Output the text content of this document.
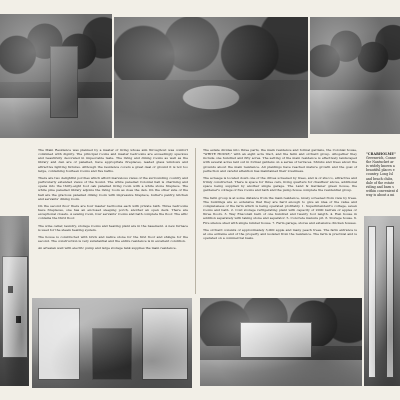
The Main Residence was planned by a master of living whose aim throughout was comfort combined with dignity. The principal rooms and master bedrooms are exceedingly spacious and beautifully decorated in impeccable taste. The living and dining rooms as well as the library and den are of panelled, have appropriate fireplaces, leaded glass windows and attractive lighting fixtures. Although the residence covers a great deal of ground it is not too large, containing fourteen rooms and five baths.

There are two delightful porches which afford marvelous views of the surrounding country and particularly extended views of the Sound. The white panelled Colonial hall is charming and opens into the thirty-eight foot oak panelled living room with a white stone fireplace. The white pine panelled library adjoins the living room as does the den. On the other side of the hall are the gracious panelled dining room with impressive fireplace, butler's pantry, kitchen and servants' dining room.

On the second floor there are four master bedrooms each with private bath. Three bedrooms have fireplaces, one has an enclosed sleeping porch, another an open deck. There are exceptional closets. A sewing room, four servants' rooms and bath complete the floor. The attic contains the third floor.

The wine cellar, laundry, storage rooms and heating plant are in the basement. A new furnace is used for the steam heating system.

The house is constructed with brick and native stone for the first floor and shingle for the second. The construction is very substantial and the entire residence is in excellent condition.

An artesian well with electric pump and large storage tank supplies the main residence.

The estate divides into three parts, the main residence and formal gardens, the Colonial house, "WHITE HOUSE," with an eight acre tract, and the farm and orchard group. Altogether they include one hundred and fifty acres. The setting of the main residence is effectively landscaped with several acres laid out in formal gardens on a series of terraces. Shrubs and trees about the grounds about the main residence. All plantings have reached mature growth and the goal of perfection and careful attention has maintained their loveliness.

The acreage is located down one of the drives screened by trees, and is of stucco, attractive and trimly constructed. There is space for three cars, living quarters for chauffeur above, additional space being supplied by another single garage. The Land & Gardener green house, the gardener's cottage of five rooms and bath and the pump house complete the residential group.

The farm group is at some distance from the main residence, nicely screened from view by trees. The buildings are so extensive that they are hard enough to give an idea of the value and completeness of the farm which is being operated profitably. 1. Superintendent's cottage, seven rooms and bath. 2. Cold storage refrigerating plant with capacity of 2000 barrels of apples or three floors. 3. Way Ensconsil barn of one hundred and twenty foot length. 4. Hen house in addition separately with taking stone and separator. 5. Concrete manure pit. 6. Storage house. 6. Fire silence shed with single lumber house. 7. Farm garage, stores and extensive chicken houses.

The orchard consists of approximately 3,000 apple and many peach trees. The farm entrance is at one extreme end of the property and isolated from the residence. The farm is practical and is operated on a commercial basis.

"CRABHOLME"
Greenwich, Conne
the Nantucket ar
is widely known a
beautiful places e
country. Long Isl
and beach clubs,
dale of the estate
riding and barn s
within convenient d
way is about a mi
